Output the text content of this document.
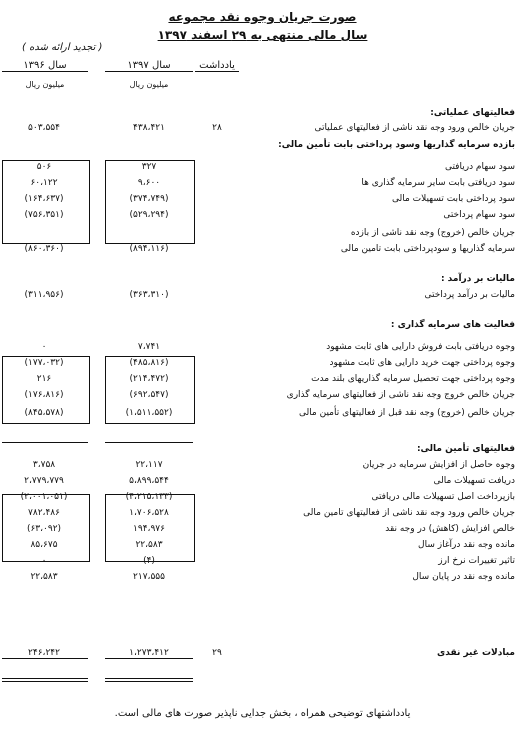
صورت جریان وجوه نقد مجموعه
سال مالی منتهی به ۲۹ اسفند ۱۳۹۷
( تجدید ارائه شده )
یادداشت
سال ۱۳۹۷
سال ۱۳۹۶
میلیون ریال
میلیون ریال
فعالیتهای عملیاتی:
جریان خالص ورود وجه نقد ناشی از فعالیتهای عملیاتی
۲۸
۴۳۸،۴۲۱
۵۰۳،۵۵۴
بازده سرمایه گذاریها وسود پرداختی بابت تأمین مالی:
سود سهام دریافتی
۳۲۷
۵۰۶
سود دریافتی بابت سایر سرمایه گذاری ها
۹،۶۰۰
۶۰،۱۲۲
سود پرداختی بابت تسهیلات مالی
(۳۷۴،۷۴۹)
(۱۶۴،۶۳۷)
سود سهام پرداختی
(۵۲۹،۲۹۴)
(۷۵۶،۳۵۱)
جریان خالص (خروج) وجه نقد ناشی از بازده
سرمایه گذاریها و سودپرداختی بابت تامین مالی
(۸۹۴،۱۱۶)
(۸۶۰،۳۶۰)
مالیات بر درآمد :
مالیات بر درآمد پرداختی
(۳۶۳،۳۱۰)
(۳۱۱،۹۵۶)
فعالیت های سرمایه گذاری :
وجوه دریافتی بابت فروش دارایی های ثابت مشهود
۷،۷۴۱
۰
وجوه پرداختی جهت خرید دارایی های ثابت مشهود
(۴۸۵،۸۱۶)
(۱۷۷،۰۳۲)
وجوه پرداختی جهت تحصیل سرمایه گذاریهای بلند مدت
(۲۱۴،۴۷۲)
۲۱۶
جریان خالص خروج وجه نقد ناشی از فعالیتهای سرمایه گذاری
(۶۹۲،۵۴۷)
(۱۷۶،۸۱۶)
جریان خالص (خروج) وجه نقد قبل از فعالیتهای تأمین مالی
(۱،۵۱۱،۵۵۲)
(۸۴۵،۵۷۸)
فعالیتهای تأمین مالی:
وجوه حاصل از افزایش سرمایه در جریان
۲۲،۱۱۷
۳،۷۵۸
دریافت تسهیلات مالی
۵،۸۹۹،۵۴۴
۲،۷۷۹،۷۷۹
بازپرداخت اصل تسهیلات مالی دریافتی
(۴،۲۱۵،۱۳۳)
(۲،۰۰۱،۰۵۱)
جریان خالص ورود وجه نقد ناشی از فعالیتهای تامین مالی
۱،۷۰۶،۵۲۸
۷۸۲،۴۸۶
خالص افزایش (کاهش) در وجه نقد
۱۹۴،۹۷۶
(۶۳،۰۹۲)
مانده وجه نقد درآغاز سال
۲۲،۵۸۳
۸۵،۶۷۵
تاثیر تغییرات نرخ ارز
(۴)
۰
مانده وجه نقد در پایان سال
۲۱۷،۵۵۵
۲۲،۵۸۳
مبادلات غیر نقدی
۲۹
۱،۲۷۳،۴۱۲
۲۴۶،۲۴۲
یادداشتهای توضیحی همراه ، بخش جدایی ناپذیر صورت های مالی است.
